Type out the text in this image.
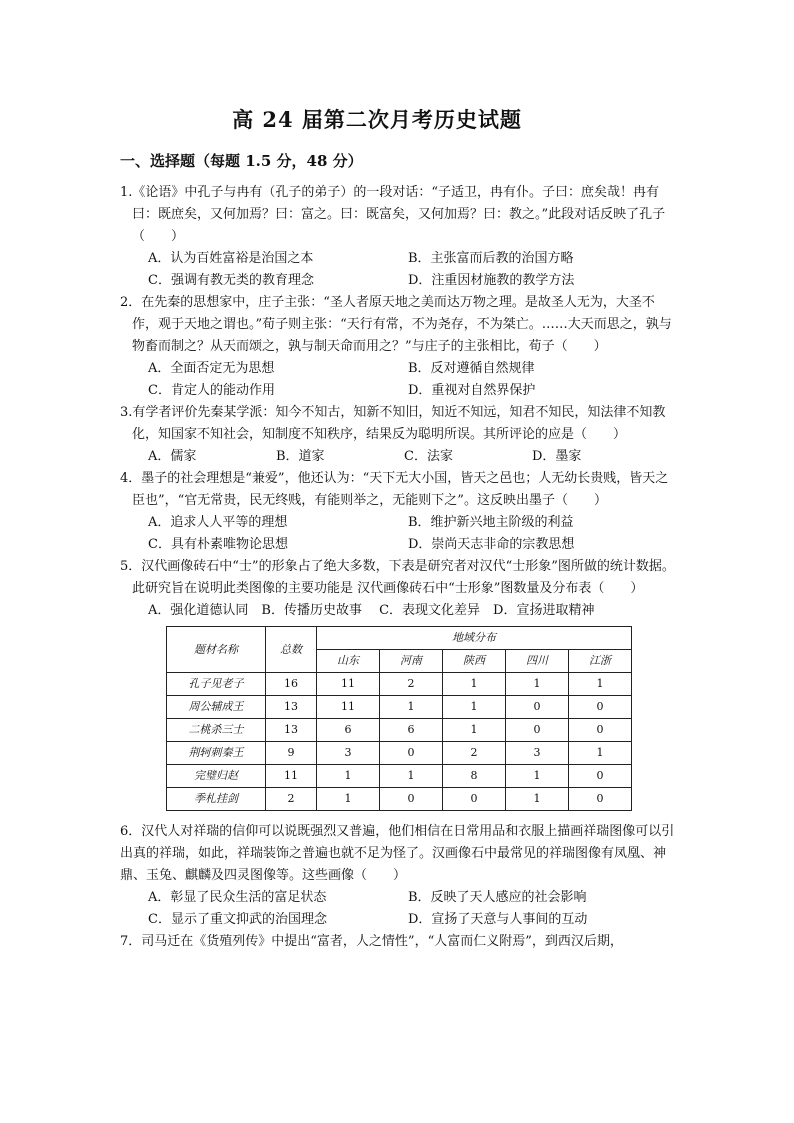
高 24 届第二次月考历史试题
一、选择题（每题 1.5 分，48 分）

1.《论语》中孔子与冉有（孔子的弟子）的一段对话：“子适卫，冉有仆。子曰：庶矣哉！冉有曰：既庶矣，又何加焉？曰：富之。曰：既富矣，又何加焉？曰：教之。”此段对话反映了孔子（　　）

A．认为百姓富裕是治国之本	B．主张富而后教的治国方略
C．强调有教无类的教育理念	D．注重因材施教的教学方法

2．在先秦的思想家中，庄子主张：“圣人者原天地之美而达万物之理。是故圣人无为，大圣不作，观于天地之谓也。”荀子则主张：“天行有常，不为尧存，不为桀亡。……大天而思之，孰与物畜而制之？从天而颂之，孰与制天命而用之？”与庄子的主张相比，荀子（　　）

A．全面否定无为思想	B．反对遵循自然规律
C．肯定人的能动作用	D．重视对自然界保护

3.有学者评价先秦某学派：知今不知古，知新不知旧，知近不知远，知君不知民，知法律不知教化，知国家不知社会，知制度不知秩序，结果反为聪明所误。其所评论的应是（　　）

A．儒家	B．道家	C．法家	D．墨家

4．墨子的社会理想是“兼爱”，他还认为：“天下无大小国，皆天之邑也；人无幼长贵贱，皆天之臣也”，“官无常贵，民无终贱，有能则举之，无能则下之”。这反映出墨子（　　）

A．追求人人平等的理想	B．维护新兴地主阶级的利益
C．具有朴素唯物论思想	D．崇尚天志非命的宗教思想

5．汉代画像砖石中“士”的形象占了绝大多数，下表是研究者对汉代“士形象”图所做的统计数据。此研究旨在说明此类图像的主要功能是 汉代画像砖石中“士形象”图数量及分布表（　　）

A．强化道德认同　B．传播历史故事　 C．表现文化差异　D．宣扬进取精神
题材名称	总数	地域分布				
		山东	河南	陕西	四川	江浙
孔子见老子	16	11	2	1	1	1
周公辅成王	13	11	1	1	0	0
二桃杀三士	13	6	6	1	0	0
荆轲刺秦王	9	3	0	2	3	1
完璧归赵	11	1	1	8	1	0
季札挂剑	2	1	0	0	1	0

6．汉代人对祥瑞的信仰可以说既强烈又普遍，他们相信在日常用品和衣服上描画祥瑞图像可以引出真的祥瑞，如此，祥瑞装饰之普遍也就不足为怪了。汉画像石中最常见的祥瑞图像有凤凰、神鼎、玉兔、麒麟及四灵图像等。这些画像（　　）

A．彰显了民众生活的富足状态	B．反映了天人感应的社会影响
C．显示了重文抑武的治国理念	D．宣扬了天意与人事间的互动

7．司马迁在《货殖列传》中提出“富者，人之情性”，“人富而仁义附焉”，到西汉后期，
